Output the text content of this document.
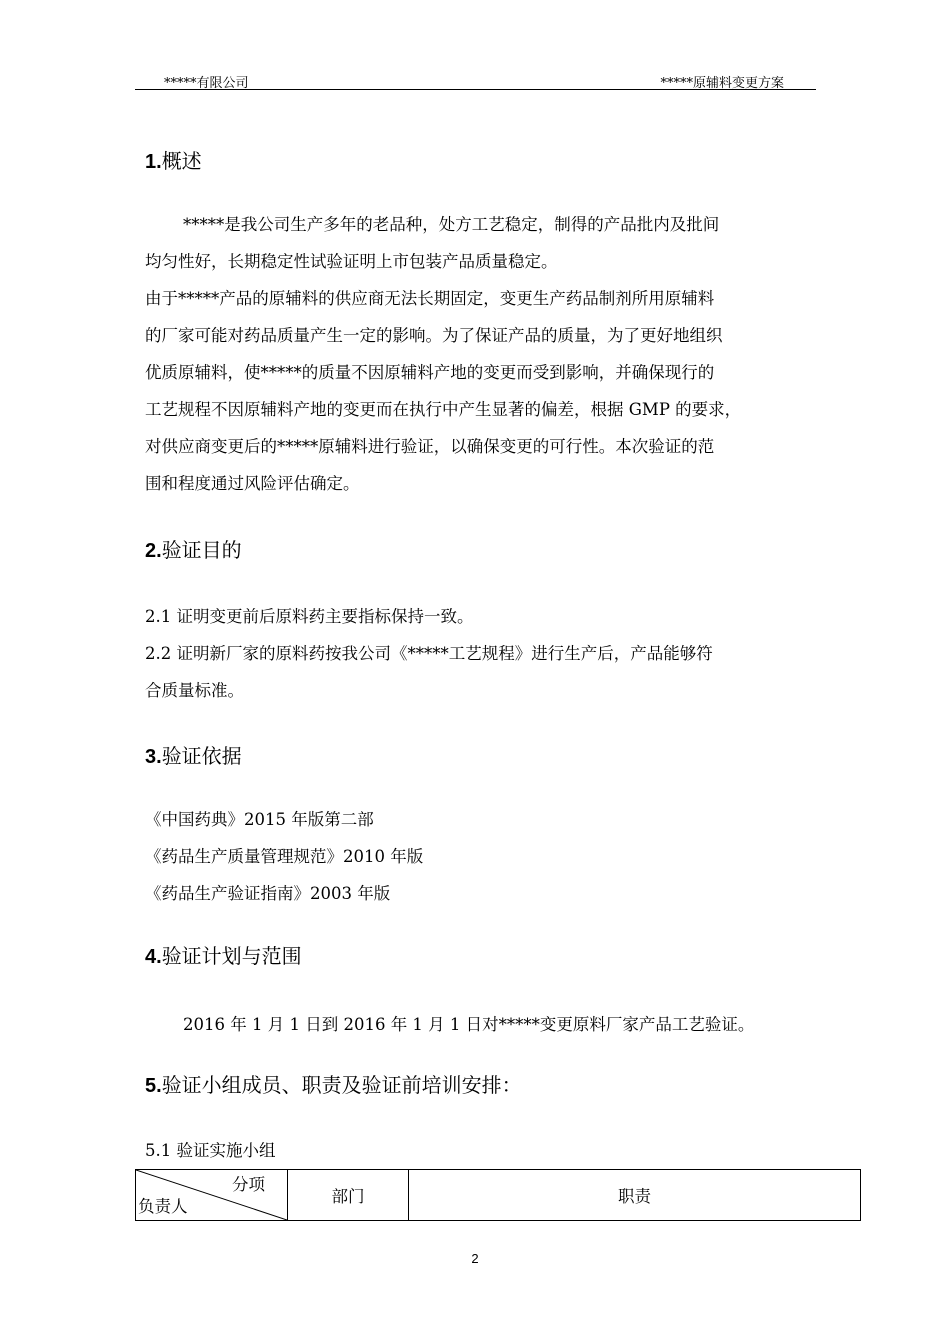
*****有限公司	*****原辅料变更方案
1.概述
*****是我公司生产多年的老品种，处方工艺稳定，制得的产品批内及批间
均匀性好，长期稳定性试验证明上市包装产品质量稳定。
由于*****产品的原辅料的供应商无法长期固定，变更生产药品制剂所用原辅料
的厂家可能对药品质量产生一定的影响。为了保证产品的质量，为了更好地组织
优质原辅料，使*****的质量不因原辅料产地的变更而受到影响，并确保现行的
工艺规程不因原辅料产地的变更而在执行中产生显著的偏差，根据 GMP 的要求，
对供应商变更后的*****原辅料进行验证，以确保变更的可行性。本次验证的范
围和程度通过风险评估确定。
2.验证目的
2.1 证明变更前后原料药主要指标保持一致。
2.2 证明新厂家的原料药按我公司《*****工艺规程》进行生产后，产品能够符
合质量标准。
3.验证依据
《中国药典》2015 年版第二部
《药品生产质量管理规范》2010 年版
《药品生产验证指南》2003 年版
4.验证计划与范围
2016 年 1 月 1 日到 2016 年 1 月 1 日对*****变更原料厂家产品工艺验证。
5.验证小组成员、职责及验证前培训安排：
5.1 验证实施小组
分项
负责人
	部门	职责
2
